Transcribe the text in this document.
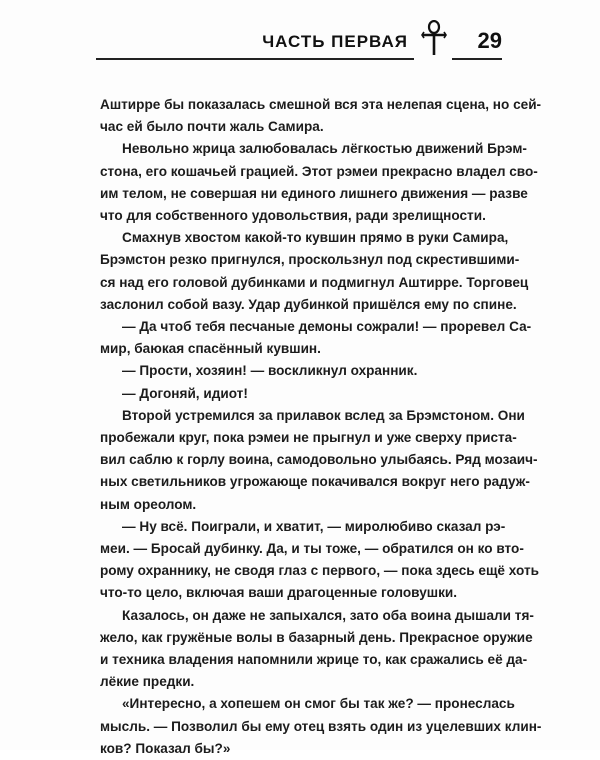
ЧАСТЬ ПЕРВАЯ	29
Аштирре бы показалась смешной вся эта нелепая сцена, но сей-
час ей было почти жаль Самира.
Невольно жрица залюбовалась лёгкостью движений Брэм-
стона, его кошачьей грацией. Этот рэмеи прекрасно владел сво-
им телом, не совершая ни единого лишнего движения — разве
что для собственного удовольствия, ради зрелищности.
Смахнув хвостом какой-то кувшин прямо в руки Самира,
Брэмстон резко пригнулся, проскользнул под скрестившими-
ся над его головой дубинками и подмигнул Аштирре. Торговец
заслонил собой вазу. Удар дубинкой пришёлся ему по спине.
— Да чтоб тебя песчаные демоны сожрали! — проревел Са-
мир, баюкая спасённый кувшин.
— Прости, хозяин! — воскликнул охранник.
— Догоняй, идиот!
Второй устремился за прилавок вслед за Брэмстоном. Они
пробежали круг, пока рэмеи не прыгнул и уже сверху приста-
вил саблю к горлу воина, самодовольно улыбаясь. Ряд мозаич-
ных светильников угрожающе покачивался вокруг него радуж-
ным ореолом.
— Ну всё. Поиграли, и хватит, — миролюбиво сказал рэ-
меи. — Бросай дубинку. Да, и ты тоже, — обратился он ко вто-
рому охраннику, не сводя глаз с первого, — пока здесь ещё хоть
что-то цело, включая ваши драгоценные головушки.
Казалось, он даже не запыхался, зато оба воина дышали тя-
жело, как гружёные волы в базарный день. Прекрасное оружие
и техника владения напомнили жрице то, как сражались её да-
лёкие предки.
«Интересно, а хопешем он смог бы так же? — пронеслась
мысль. — Позволил бы ему отец взять один из уцелевших клин-
ков? Показал бы?»
